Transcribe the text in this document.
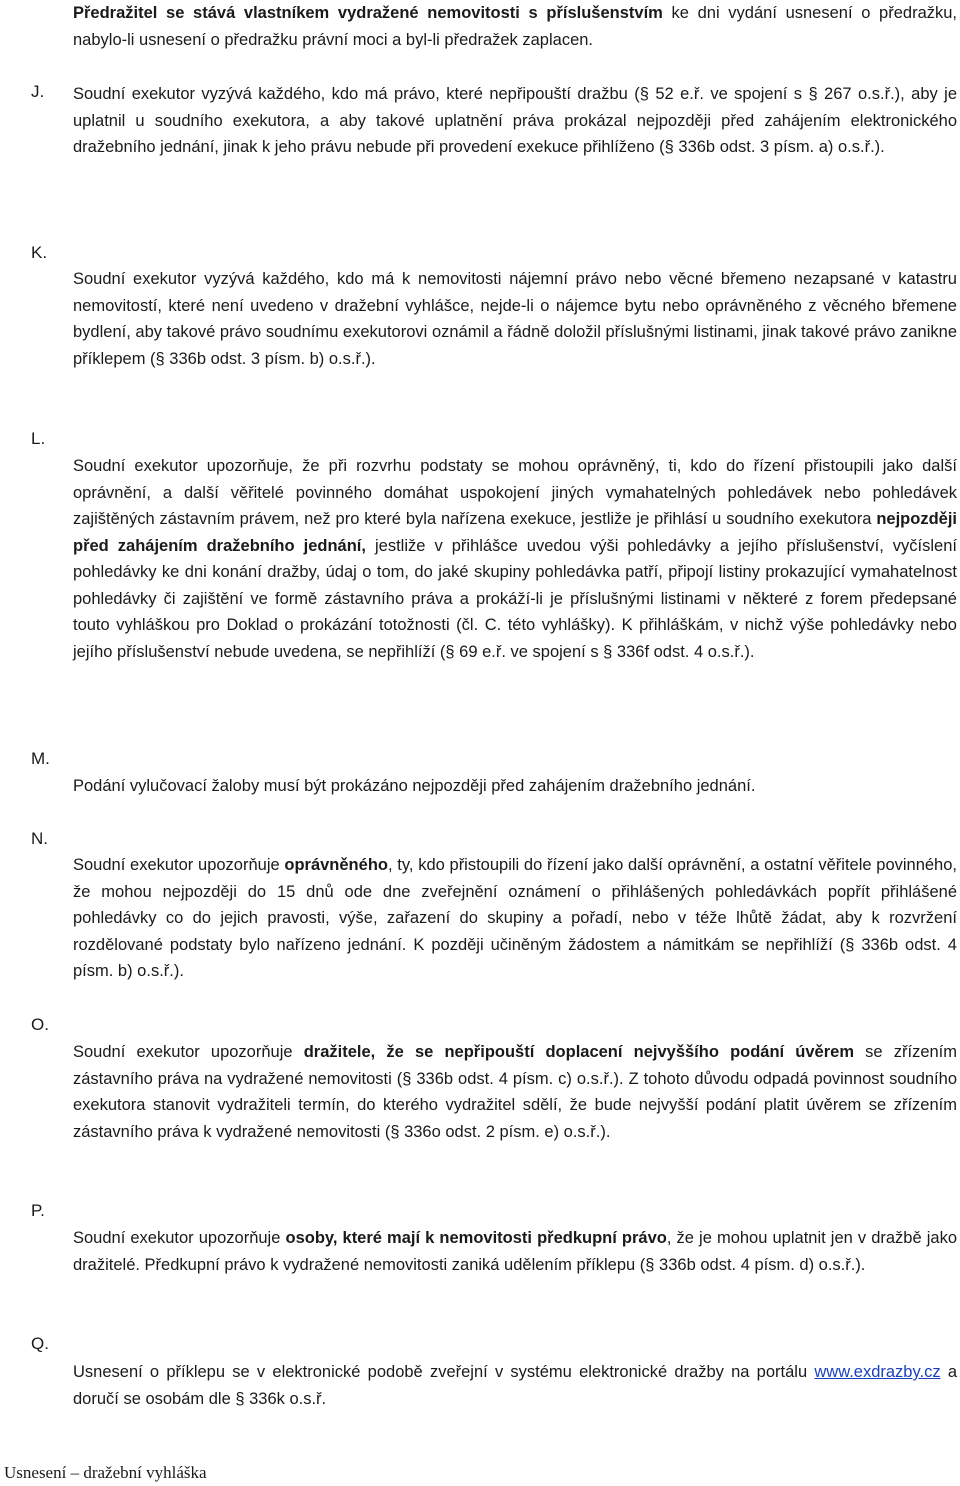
Předražitel se stává vlastníkem vydražené nemovitosti s příslušenstvím ke dni vydání usnesení o předražku, nabylo-li usnesení o předražku právní moci a byl-li předražek zaplacen.

J. Soudní exekutor vyzývá každého, kdo má právo, které nepřipouští dražbu (§ 52 e.ř. ve spojení s § 267 o.s.ř.), aby je uplatnil u soudního exekutora, a aby takové uplatnění práva prokázal nejpozději před zahájením elektronického dražebního jednání, jinak k jeho právu nebude při provedení exekuce přihlíženo (§ 336b odst. 3 písm. a) o.s.ř.).

K.

Soudní exekutor vyzývá každého, kdo má k nemovitosti nájemní právo nebo věcné břemeno nezapsané v katastru nemovitostí, které není uvedeno v dražební vyhlášce, nejde-li o nájemce bytu nebo oprávněného z věcného břemene bydlení, aby takové právo soudnímu exekutorovi oznámil a řádně doložil příslušnými listinami, jinak takové právo zanikne příklepem (§ 336b odst. 3 písm. b) o.s.ř.).

L.

Soudní exekutor upozorňuje, že při rozvrhu podstaty se mohou oprávněný, ti, kdo do řízení přistoupili jako další oprávnění, a další věřitelé povinného domáhat uspokojení jiných vymahatelných pohledávek nebo pohledávek zajištěných zástavním právem, než pro které byla nařízena exekuce, jestliže je přihlásí u soudního exekutora nejpozději před zahájením dražebního jednání, jestliže v přihlášce uvedou výši pohledávky a jejího příslušenství, vyčíslení pohledávky ke dni konání dražby, údaj o tom, do jaké skupiny pohledávka patří, připojí listiny prokazující vymahatelnost pohledávky či zajištění ve formě zástavního práva a prokáží-li je příslušnými listinami v některé z forem předepsané touto vyhláškou pro Doklad o prokázání totožnosti (čl. C. této vyhlášky). K přihláškám, v nichž výše pohledávky nebo jejího příslušenství nebude uvedena, se nepřihlíží (§ 69 e.ř. ve spojení s § 336f odst. 4 o.s.ř.).

M.

Podání vylučovací žaloby musí být prokázáno nejpozději před zahájením dražebního jednání.

N.

Soudní exekutor upozorňuje oprávněného, ty, kdo přistoupili do řízení jako další oprávnění, a ostatní věřitele povinného, že mohou nejpozději do 15 dnů ode dne zveřejnění oznámení o přihlášených pohledávkách popřít přihlášené pohledávky co do jejich pravosti, výše, zařazení do skupiny a pořadí, nebo v téže lhůtě žádat, aby k rozvržení rozdělované podstaty bylo nařízeno jednání. K později učiněným žádostem a námitkám se nepřihlíží (§ 336b odst. 4 písm. b) o.s.ř.).

O.

Soudní exekutor upozorňuje dražitele, že se nepřipouští doplacení nejvyššího podání úvěrem se zřízením zástavního práva na vydražené nemovitosti (§ 336b odst. 4 písm. c) o.s.ř.). Z tohoto důvodu odpadá povinnost soudního exekutora stanovit vydražiteli termín, do kterého vydražitel sdělí, že bude nejvyšší podání platit úvěrem se zřízením zástavního práva k vydražené nemovitosti (§ 336o odst. 2 písm. e) o.s.ř.).

P.

Soudní exekutor upozorňuje osoby, které mají k nemovitosti předkupní právo, že je mohou uplatnit jen v dražbě jako dražitelé. Předkupní právo k vydražené nemovitosti zaniká udělením příklepu (§ 336b odst. 4 písm. d) o.s.ř.).

Q.

Usnesení o příklepu se v elektronické podobě zveřejní v systému elektronické dražby na portálu www.exdrazby.cz a doručí se osobám dle § 336k o.s.ř.

Usnesení – dražební vyhláška
